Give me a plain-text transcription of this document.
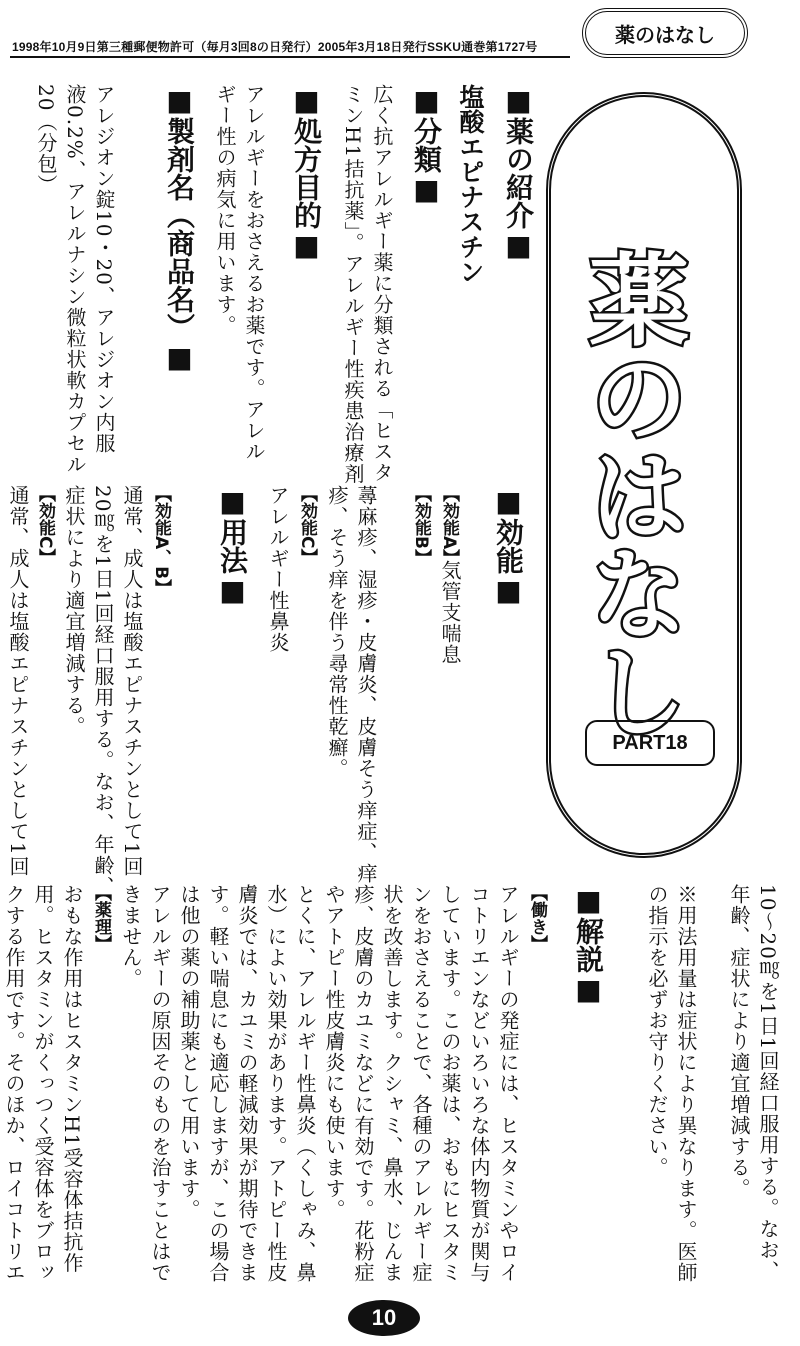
1998年10月9日第三種郵便物許可（毎月3回8の日発行）2005年3月18日発行SSKU通巻第1727号
薬のはなし
薬のはなし
PART18
■薬の紹介■
塩酸エピナスチン
■分類■
広く抗アレルギー薬に分類される「ヒスタ
ミンH1拮抗薬」。アレルギー性疾患治療剤
■処方目的■
アレルギーをおさえるお薬です。アレル
ギー性の病気に用います。
■製剤名（商品名）■
アレジオン錠10・20、アレジオン内服
液0.2%、アレルナシン微粒状軟カプセル
20（分包）
■効能■
【効能A】
気管支喘息
【効能B】
蕁麻疹、湿疹・皮膚炎、皮膚そう痒症、痒
疹、そう痒を伴う尋常性乾癬。
【効能C】
アレルギー性鼻炎
■用法■
【効能A、B】
通常、成人は塩酸エピナスチンとして1回
20㎎を1日1回経口服用する。なお、年齢、
症状により適宜増減する。
【効能C】
通常、成人は塩酸エピナスチンとして1回
10～20㎎を1日1回経口服用する。なお、
年齢、症状により適宜増減する。
※用法用量は症状により異なります。医師
の指示を必ずお守りください。
■解説■
【働き】
アレルギーの発症には、ヒスタミンやロイ
コトリエンなどいろいろな体内物質が関与
しています。このお薬は、おもにヒスタミ
ンをおさえることで、各種のアレルギー症
状を改善します。クシャミ、鼻水、じんま
疹、皮膚のカユミなどに有効です。花粉症
やアトピー性皮膚炎にも使います。
とくに、アレルギー性鼻炎（くしゃみ、鼻
水）によい効果があります。アトピー性皮
膚炎では、カユミの軽減効果が期待できま
す。軽い喘息にも適応しますが、この場合
は他の薬の補助薬として用います。
アレルギーの原因そのものを治すことはで
きません。
【薬理】
おもな作用はヒスタミンH1受容体拮抗作
用。ヒスタミンがくっつく受容体をブロッ
クする作用です。そのほか、ロイコトリエ
10
